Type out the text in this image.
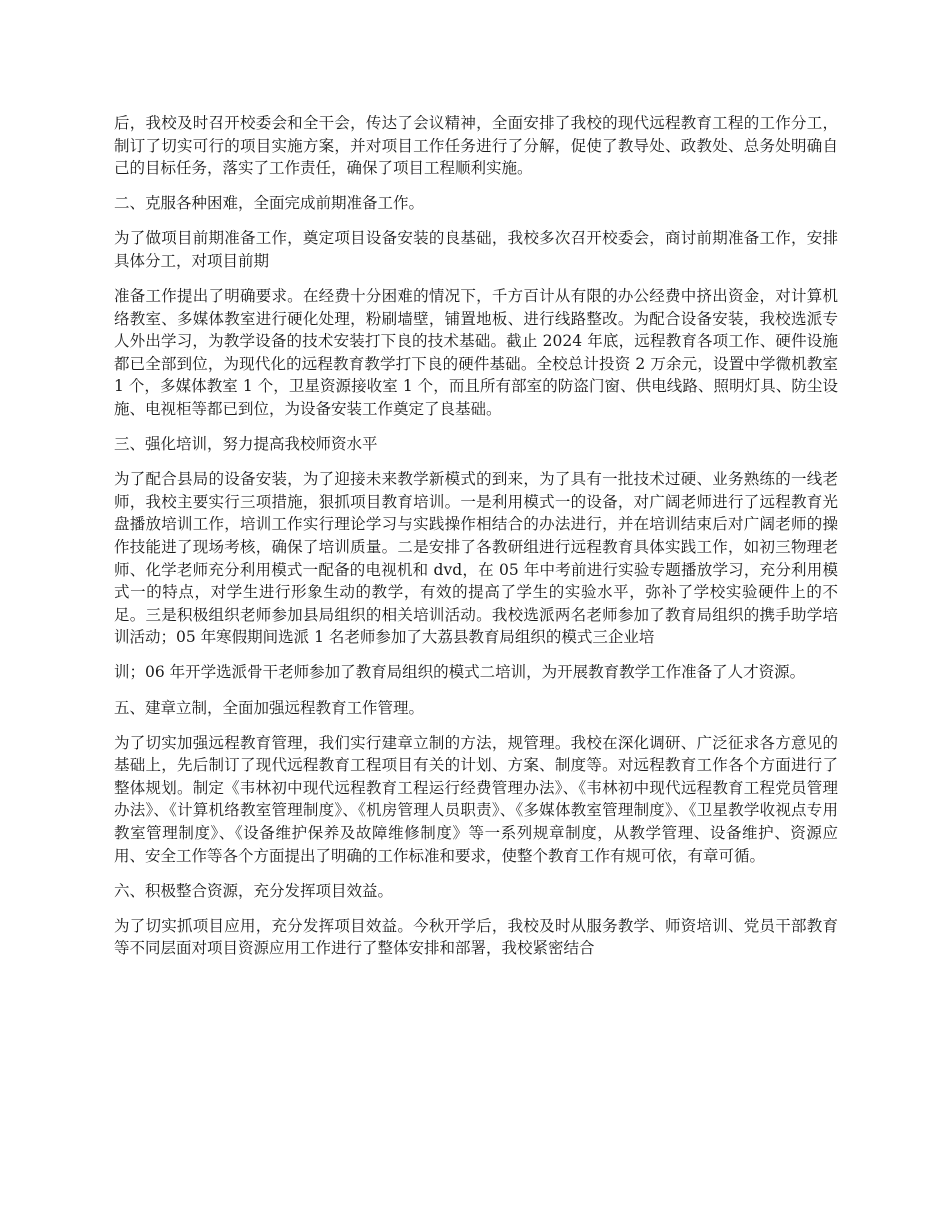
后，我校及时召开校委会和全干会，传达了会议精神，全面安排了我校的现代远程教育工程的工作分工，制订了切实可行的项目实施方案，并对项目工作任务进行了分解，促使了教导处、政教处、总务处明确自己的目标任务，落实了工作责任，确保了项目工程顺利实施。

二、克服各种困难，全面完成前期准备工作。

为了做项目前期准备工作，奠定项目设备安装的良基础，我校多次召开校委会，商讨前期准备工作，安排具体分工，对项目前期

准备工作提出了明确要求。在经费十分困难的情况下，千方百计从有限的办公经费中挤出资金，对计算机络教室、多媒体教室进行硬化处理，粉刷墙壁，铺置地板、进行线路整改。为配合设备安装，我校选派专人外出学习，为教学设备的技术安装打下良的技术基础。截止 2024 年底，远程教育各项工作、硬件设施都已全部到位，为现代化的远程教育教学打下良的硬件基础。全校总计投资 2 万余元，设置中学微机教室 1 个，多媒体教室 1 个，卫星资源接收室 1 个，而且所有部室的防盗门窗、供电线路、照明灯具、防尘设施、电视柜等都已到位，为设备安装工作奠定了良基础。

三、强化培训，努力提高我校师资水平

为了配合县局的设备安装，为了迎接未来教学新模式的到来，为了具有一批技术过硬、业务熟练的一线老师，我校主要实行三项措施，狠抓项目教育培训。一是利用模式一的设备，对广阔老师进行了远程教育光盘播放培训工作，培训工作实行理论学习与实践操作相结合的办法进行，并在培训结束后对广阔老师的操作技能进了现场考核，确保了培训质量。二是安排了各教研组进行远程教育具体实践工作，如初三物理老师、化学老师充分利用模式一配备的电视机和 dvd，在 05 年中考前进行实验专题播放学习，充分利用模式一的特点，对学生进行形象生动的教学，有效的提高了学生的实验水平，弥补了学校实验硬件上的不足。三是积极组织老师参加县局组织的相关培训活动。我校选派两名老师参加了教育局组织的携手助学培训活动；05 年寒假期间选派 1 名老师参加了大荔县教育局组织的模式三企业培

训；06 年开学选派骨干老师参加了教育局组织的模式二培训，为开展教育教学工作准备了人才资源。

五、建章立制，全面加强远程教育工作管理。

为了切实加强远程教育管理，我们实行建章立制的方法，规管理。我校在深化调研、广泛征求各方意见的基础上，先后制订了现代远程教育工程项目有关的计划、方案、制度等。对远程教育工作各个方面进行了整体规划。制定《韦林初中现代远程教育工程运行经费管理办法》、《韦林初中现代远程教育工程党员管理办法》、《计算机络教室管理制度》、《机房管理人员职责》、《多媒体教室管理制度》、《卫星教学收视点专用教室管理制度》、《设备维护保养及故障维修制度》等一系列规章制度，从教学管理、设备维护、资源应用、安全工作等各个方面提出了明确的工作标准和要求，使整个教育工作有规可依，有章可循。

六、积极整合资源，充分发挥项目效益。

为了切实抓项目应用，充分发挥项目效益。今秋开学后，我校及时从服务教学、师资培训、党员干部教育等不同层面对项目资源应用工作进行了整体安排和部署，我校紧密结合
